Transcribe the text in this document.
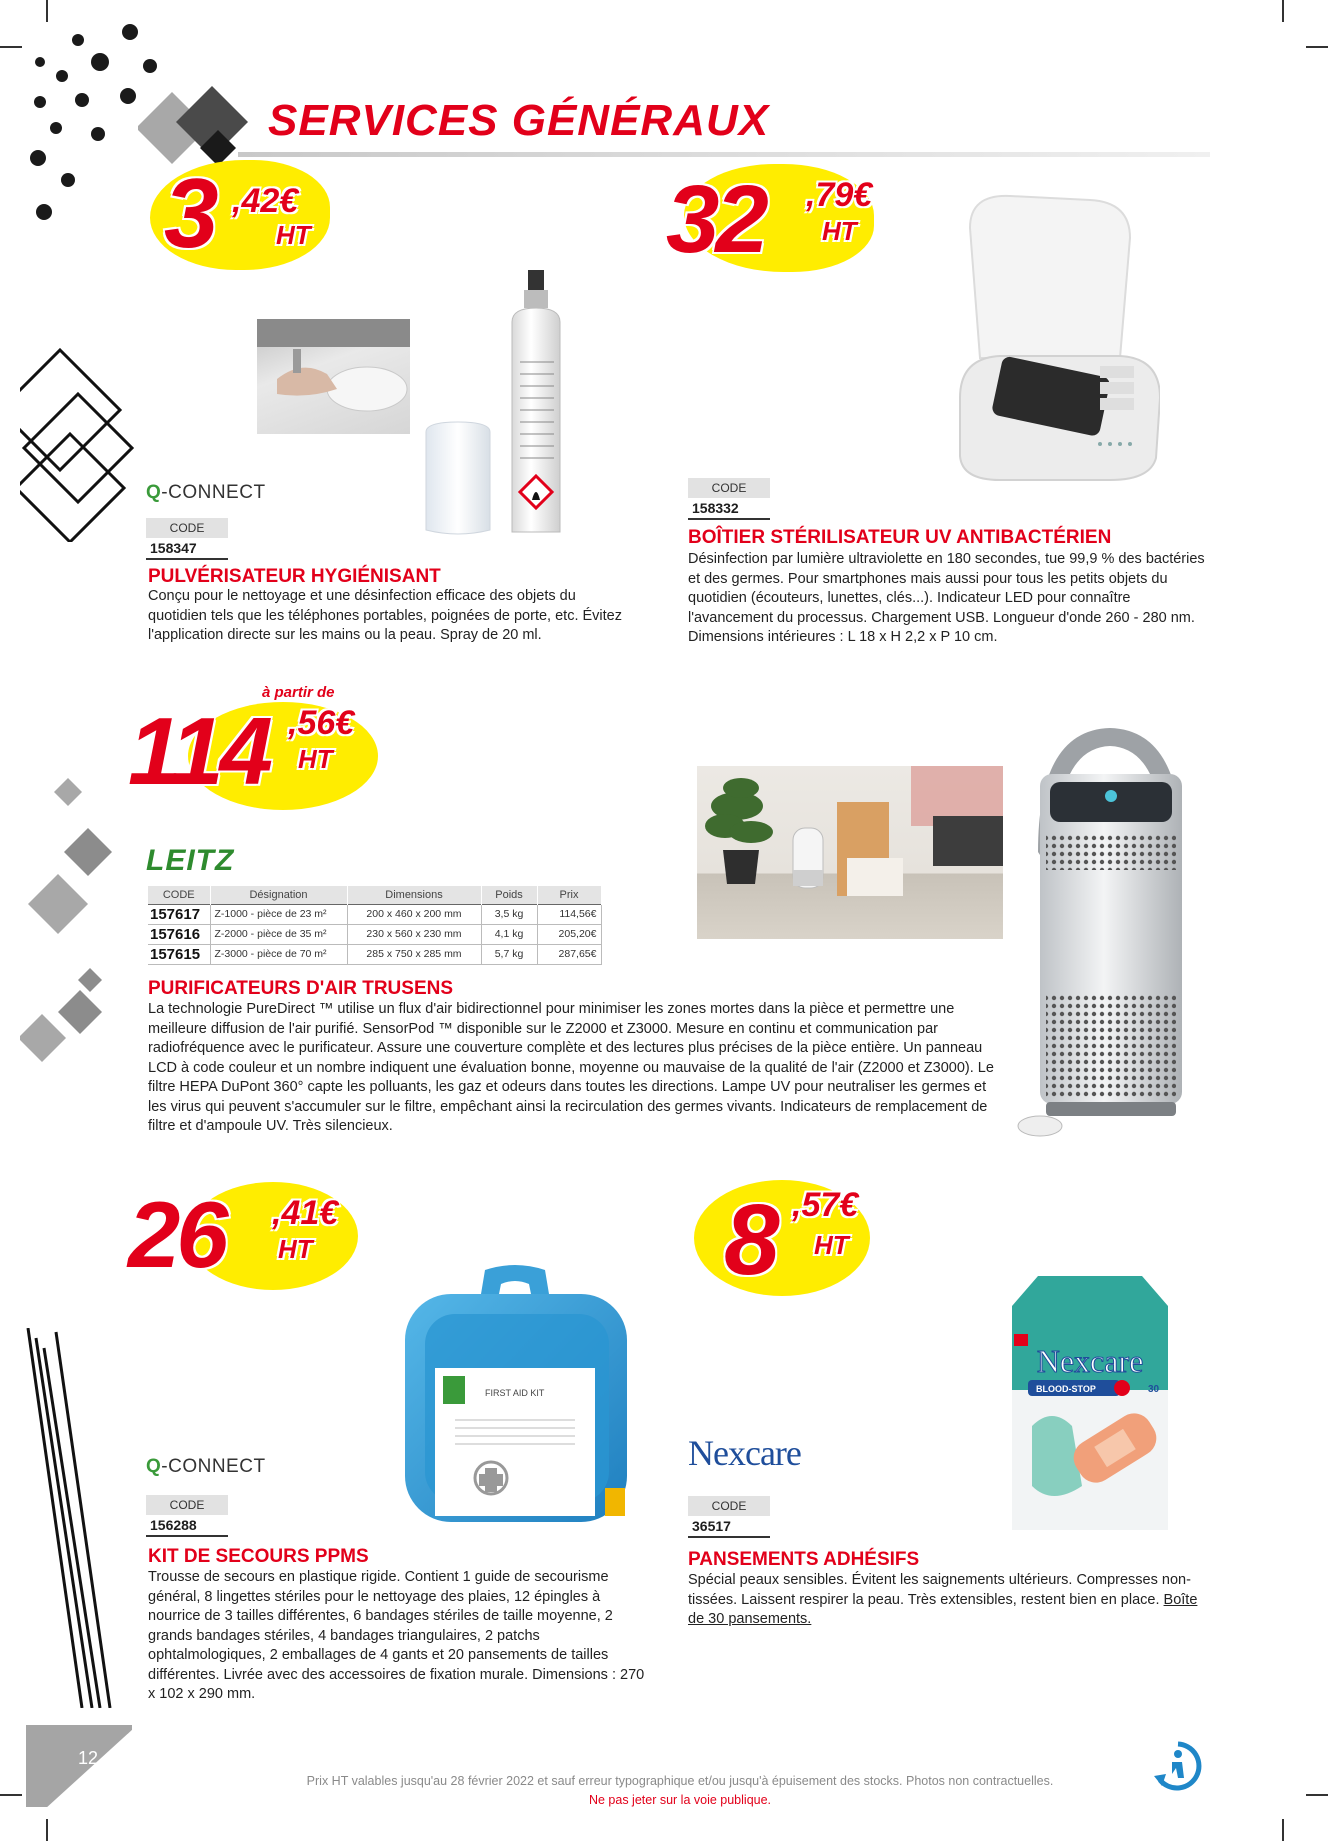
SERVICES GÉNÉRAUX
3 ,42€
HT
Q-CONNECT
CODE
158347
PULVÉRISATEUR HYGIÉNISANT
Conçu pour le nettoyage et une désinfection efficace des objets du quotidien tels que les téléphones portables, poignées de porte, etc. Évitez l'application directe sur les mains ou la peau. Spray de 20 ml.
32 ,79€
HT
CODE
158332
BOÎTIER STÉRILISATEUR UV ANTIBACTÉRIEN
Désinfection par lumière ultraviolette en 180 secondes, tue 99,9 % des bactéries et des germes. Pour smartphones mais aussi pour tous les petits objets du quotidien (écouteurs, lunettes, clés...). Indicateur LED pour connaître l'avancement du processus. Chargement USB. Longueur d'onde 260 - 280 nm. Dimensions intérieures : L 18 x H 2,2 x P 10 cm.
à partir de
114 ,56€
HT
LEITZ
CODE	Désignation	Dimensions	Poids	Prix
157617	Z-1000 - pièce de 23 m²	200 x 460 x 200 mm	3,5 kg	114,56€
157616	Z-2000 - pièce de 35 m²	230 x 560 x 230 mm	4,1 kg	205,20€
157615	Z-3000 - pièce de 70 m²	285 x 750 x 285 mm	5,7 kg	287,65€
PURIFICATEURS D'AIR TRUSENS
La technologie PureDirect ™ utilise un flux d'air bidirectionnel pour minimiser les zones mortes dans la pièce et permettre une meilleure diffusion de l'air purifié. SensorPod ™ disponible sur le Z2000 et Z3000. Mesure en continu et communication par radiofréquence avec le purificateur. Assure une couverture complète et des lectures plus précises de la pièce entière. Un panneau LCD à code couleur et un nombre indiquent une évaluation bonne, moyenne ou mauvaise de la qualité de l'air (Z2000 et Z3000). Le filtre HEPA DuPont 360° capte les polluants, les gaz et odeurs dans toutes les directions. Lampe UV pour neutraliser les germes et les virus qui peuvent s'accumuler sur le filtre, empêchant ainsi la recirculation des germes vivants. Indicateurs de remplacement de filtre et d'ampoule UV. Très silencieux.
26 ,41€
HT
FIRST AID KIT
Q-CONNECT
CODE
156288
KIT DE SECOURS PPMS
Trousse de secours en plastique rigide. Contient 1 guide de secourisme général, 8 lingettes stériles pour le nettoyage des plaies, 12 épingles à nourrice de 3 tailles différentes, 6 bandages stériles de taille moyenne, 2 grands bandages stériles, 4 bandages triangulaires, 2 patchs ophtalmologiques, 2 emballages de 4 gants et 20 pansements de tailles différentes. Livrée avec des accessoires de fixation murale. Dimensions : 270 x 102 x 290 mm.
8 ,57€
HT
Nexcare
BLOOD-STOP	30
Nexcare
CODE
36517
PANSEMENTS ADHÉSIFS
Spécial peaux sensibles. Évitent les saignements ultérieurs. Compresses non-tissées. Laissent respirer la peau. Très extensibles, restent bien en place. Boîte de 30 pansements.
12
Prix HT valables jusqu'au 28 février 2022 et sauf erreur typographique et/ou jusqu'à épuisement des stocks. Photos non contractuelles.
Ne pas jeter sur la voie publique.
